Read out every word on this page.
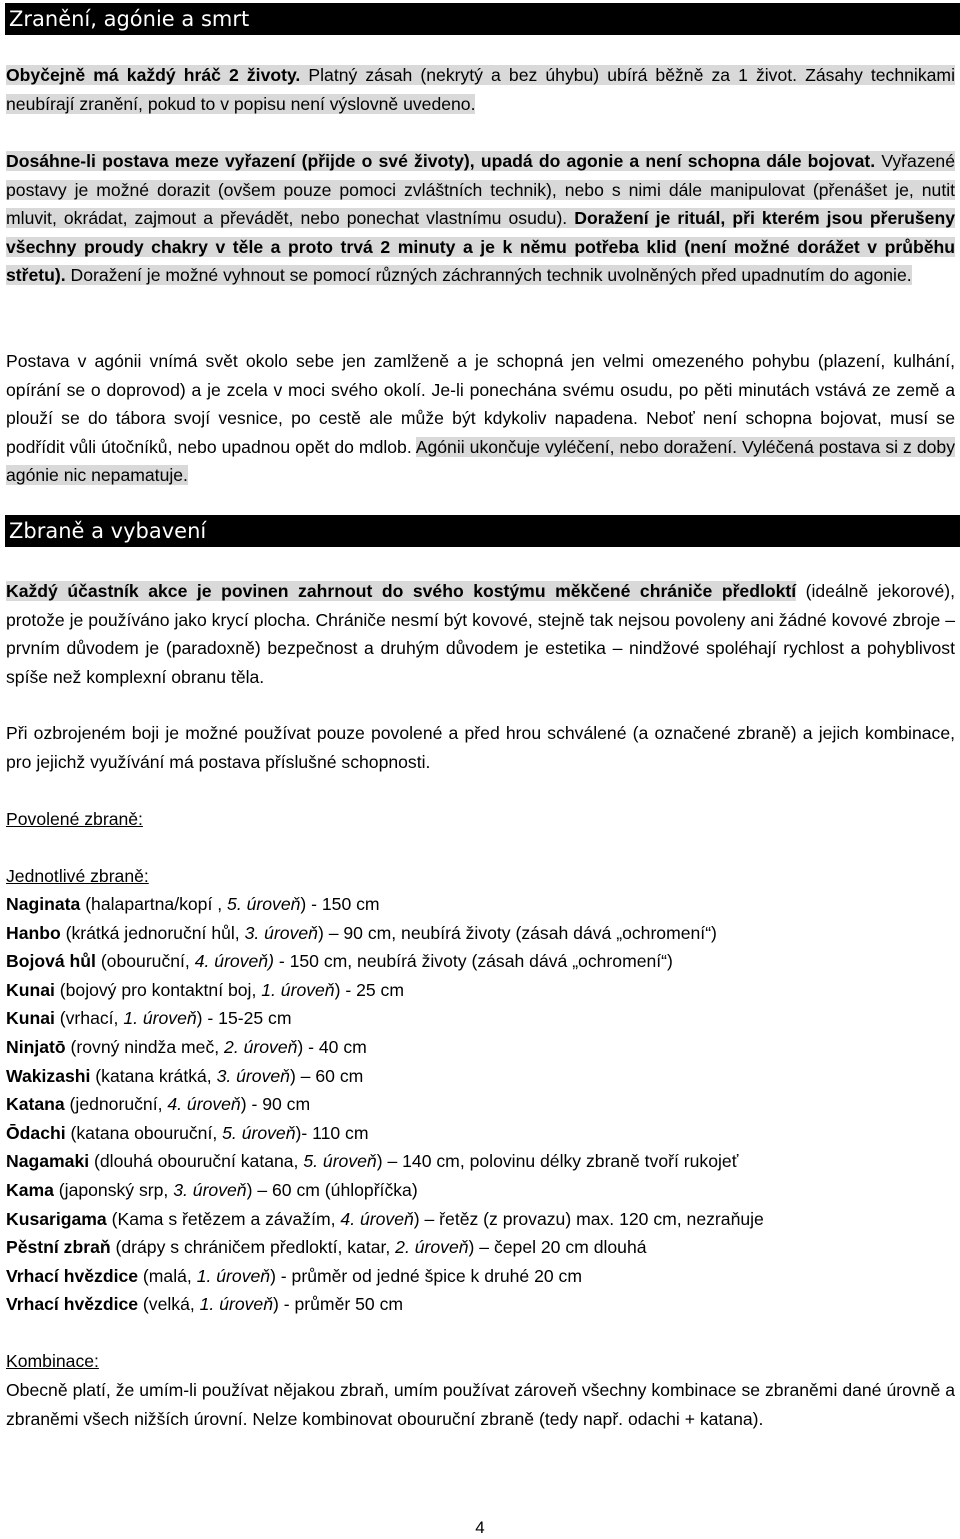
Zranění, agónie a smrt
Obyčejně má každý hráč 2 životy. Platný zásah (nekrytý a bez úhybu) ubírá běžně za 1 život. Zásahy technikami neubírají zranění, pokud to v popisu není výslovně uvedeno.
Dosáhne-li postava meze vyřazení (přijde o své životy), upadá do agonie a není schopna dále bojovat. Vyřazené postavy je možné dorazit (ovšem pouze pomoci zvláštních technik), nebo s nimi dále manipulovat (přenášet je, nutit mluvit, okrádat, zajmout a převádět, nebo ponechat vlastnímu osudu). Doražení je rituál, při kterém jsou přerušeny všechny proudy chakry v těle a proto trvá 2 minuty a je k němu potřeba klid (není možné dorážet v průběhu střetu). Doražení je možné vyhnout se pomocí různých záchranných technik uvolněných před upadnutím do agonie.
Postava v agónii vnímá svět okolo sebe jen zamlženě a je schopná jen velmi omezeného pohybu (plazení, kulhání, opírání se o doprovod) a je zcela v moci svého okolí. Je-li ponechána svému osudu, po pěti minutách vstává ze země a plouží se do tábora svojí vesnice, po cestě ale může být kdykoliv napadena. Neboť není schopna bojovat, musí se podřídit vůli útočníků, nebo upadnou opět do mdlob. Agónii ukončuje vyléčení, nebo doražení. Vyléčená postava si z doby agónie nic nepamatuje.
Zbraně a vybavení
Každý účastník akce je povinen zahrnout do svého kostýmu měkčené chrániče předloktí (ideálně jekorové), protože je používáno jako krycí plocha. Chrániče nesmí být kovové, stejně tak nejsou povoleny ani žádné kovové zbroje – prvním důvodem je (paradoxně) bezpečnost a druhým důvodem je estetika – nindžové spoléhají rychlost a pohyblivost spíše než komplexní obranu těla.
Při ozbrojeném boji je možné používat pouze povolené a před hrou schválené (a označené zbraně) a jejich kombinace, pro jejichž využívání má postava příslušné schopnosti.
Povolené zbraně:
Jednotlivé zbraně:
Naginata (halapartna/kopí , 5. úroveň) - 150 cm
Hanbo (krátká jednoruční hůl, 3. úroveň) – 90 cm, neubírá životy (zásah dává „ochromení“)
Bojová hůl (obouruční, 4. úroveň) - 150 cm, neubírá životy (zásah dává „ochromení“)
Kunai (bojový pro kontaktní boj, 1. úroveň) - 25 cm
Kunai (vrhací, 1. úroveň) - 15-25 cm
Ninjatō (rovný nindža meč, 2. úroveň) - 40 cm
Wakizashi (katana krátká, 3. úroveň) – 60 cm
Katana (jednoruční, 4. úroveň) - 90 cm
Ōdachi (katana obouruční, 5. úroveň)- 110 cm
Nagamaki (dlouhá obouruční katana, 5. úroveň) – 140 cm, polovinu délky zbraně tvoří rukojeť
Kama (japonský srp, 3. úroveň) – 60 cm (úhlopříčka)
Kusarigama (Kama s řetězem a závažím, 4. úroveň) – řetěz (z provazu) max. 120 cm, nezraňuje
Pěstní zbraň (drápy s chráničem předloktí, katar, 2. úroveň) – čepel 20 cm dlouhá
Vrhací hvězdice (malá, 1. úroveň) - průměr od jedné špice k druhé 20 cm
Vrhací hvězdice (velká, 1. úroveň) - průměr 50 cm
Kombinace:
Obecně platí, že umím-li používat nějakou zbraň, umím používat zároveň všechny kombinace se zbraněmi dané úrovně a zbraněmi všech nižších úrovní. Nelze kombinovat obouruční zbraně (tedy např. odachi + katana).
4
